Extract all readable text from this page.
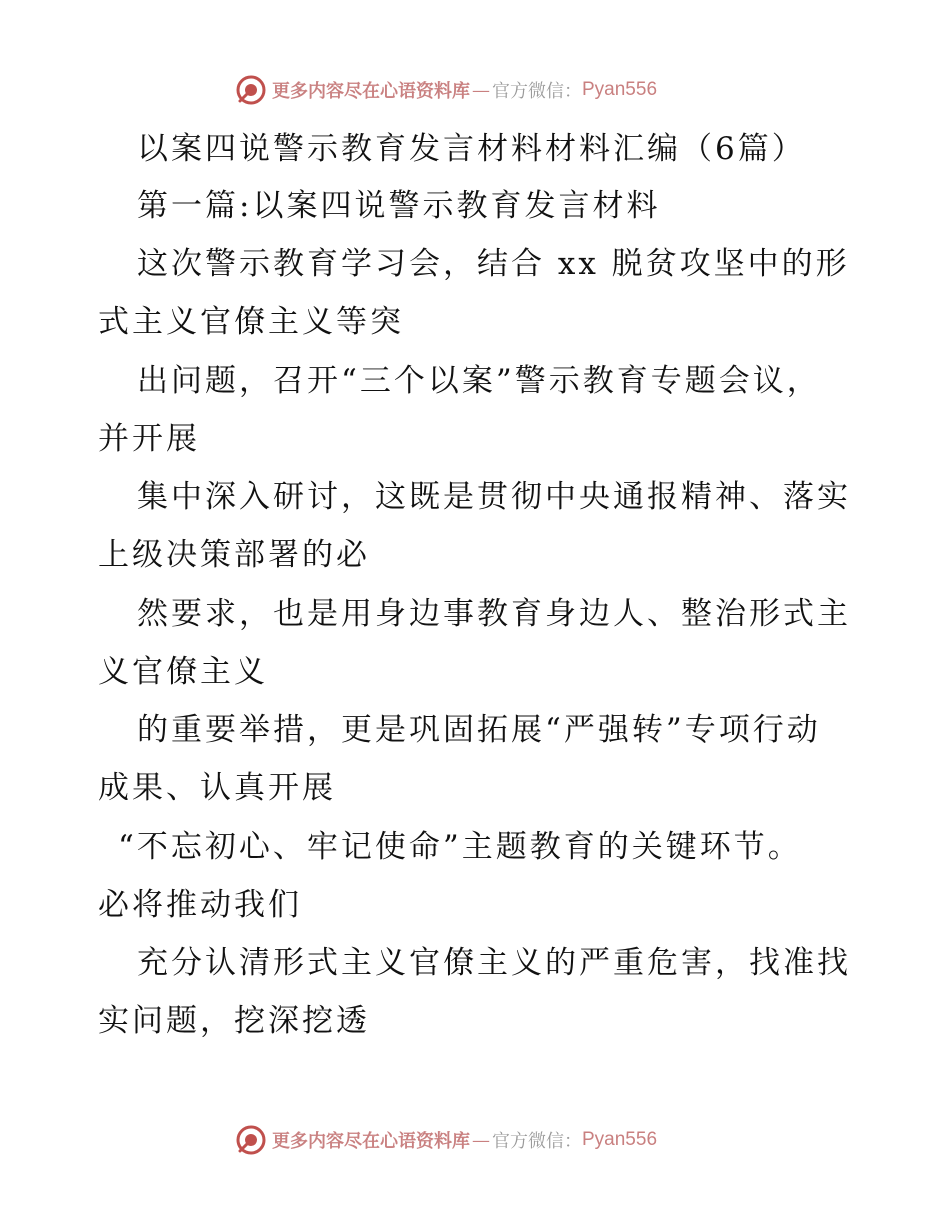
更多内容尽在心语资料库 — 官方微信： Pyan556
以案四说警示教育发言材料材料汇编（6篇）
第一篇:以案四说警示教育发言材料
这次警示教育学习会，结合 xx 脱贫攻坚中的形
式主义官僚主义等突
出问题，召开“三个以案”警示教育专题会议，
并开展
集中深入研讨，这既是贯彻中央通报精神、落实
上级决策部署的必
然要求，也是用身边事教育身边人、整治形式主
义官僚主义
的重要举措，更是巩固拓展“严强转”专项行动
成果、认真开展
“不忘初心、牢记使命”主题教育的关键环节。
必将推动我们
充分认清形式主义官僚主义的严重危害，找准找
实问题，挖深挖透
更多内容尽在心语资料库 — 官方微信： Pyan556
